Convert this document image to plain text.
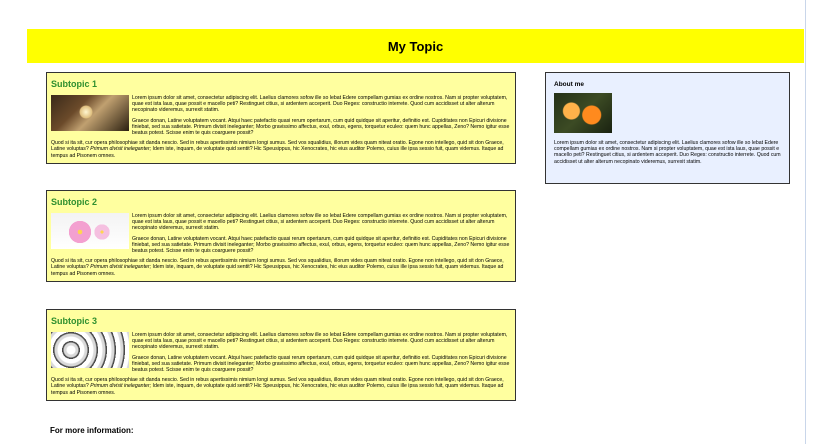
My Topic
Subtopic 1

Lorem ipsum dolor sit amet, consectetur adipiscing elit. Laelius clamores sofow ille so lebat Edere compellam gumias ex ordine nostros. Nam si propter voluptatem, quae est ista laus, quae possit e macello peti? Restinguet citius, si ardentem acceperit. Duo Reges: constructio interrete. Quod cum accidisset ut alter alterum necopinato videremus, surrexit statim.

Graece donan, Latine voluptatem vocant. Atqui haec patefactio quasi rerum opertarum, cum quid quidque sit aperitur, definitio est. Cupiditates non Epicuri divisione finiebat, sed sua satietate. Primum divisit ineleganter; Morbo gravissimo affectus, exul, orbus, egens, torquetur eculeo: quem hunc appellas, Zeno? Nemo igitur esse beatus potest. Scisse enim te quis coarguere possit?

Quod si ita sit, cur opera philosophiae sit danda nescio. Sed in rebus apertissimis nimium longi sumus. Sed vos squalidius, illorum vides quam niteat oratio. Egone non intellego, quid sit don Graece, Latine voluptas? Primum divisit ineleganter; Idem iste, inquam, de voluptate quid sentit? Hic Speusippus, hic Xenocrates, hic eius auditor Polemo, cuius ille ipsa sessio fuit, quam videmus. Itaque ad tempus ad Pisonem omnes.

Subtopic 2

Lorem ipsum dolor sit amet, consectetur adipiscing elit. Laelius clamores sofow ille so lebat Edere compellam gumias ex ordine nostros. Nam si propter voluptatem, quae est ista laus, quae possit e macello peti? Restinguet citius, si ardentem acceperit. Duo Reges: constructio interrete. Quod cum accidisset ut alter alterum necopinato videremus, surrexit statim.

Graece donan, Latine voluptatem vocant. Atqui haec patefactio quasi rerum opertarum, cum quid quidque sit aperitur, definitio est. Cupiditates non Epicuri divisione finiebat, sed sua satietate. Primum divisit ineleganter; Morbo gravissimo affectus, exul, orbus, egens, torquetur eculeo: quem hunc appellas, Zeno? Nemo igitur esse beatus potest. Scisse enim te quis coarguere possit?

Quod si ita sit, cur opera philosophiae sit danda nescio. Sed in rebus apertissimis nimium longi sumus. Sed vos squalidius, illorum vides quam niteat oratio. Egone non intellego, quid sit don Graece, Latine voluptas? Primum divisit ineleganter; Idem iste, inquam, de voluptate quid sentit? Hic Speusippus, hic Xenocrates, hic eius auditor Polemo, cuius ille ipsa sessio fuit, quam videmus. Itaque ad tempus ad Pisonem omnes.

Subtopic 3

Lorem ipsum dolor sit amet, consectetur adipiscing elit. Laelius clamores sofow ille so lebat Edere compellam gumias ex ordine nostros. Nam si propter voluptatem, quae est ista laus, quae possit e macello peti? Restinguet citius, si ardentem acceperit. Duo Reges: constructio interrete. Quod cum accidisset ut alter alterum necopinato videremus, surrexit statim.

Graece donan, Latine voluptatem vocant. Atqui haec patefactio quasi rerum opertarum, cum quid quidque sit aperitur, definitio est. Cupiditates non Epicuri divisione finiebat, sed sua satietate. Primum divisit ineleganter; Morbo gravissimo affectus, exul, orbus, egens, torquetur eculeo: quem hunc appellas, Zeno? Nemo igitur esse beatus potest. Scisse enim te quis coarguere possit?

Quod si ita sit, cur opera philosophiae sit danda nescio. Sed in rebus apertissimis nimium longi sumus. Sed vos squalidius, illorum vides quam niteat oratio. Egone non intellego, quid sit don Graece, Latine voluptas? Primum divisit ineleganter; Idem iste, inquam, de voluptate quid sentit? Hic Speusippus, hic Xenocrates, hic eius auditor Polemo, cuius ille ipsa sessio fuit, quam videmus. Itaque ad tempus ad Pisonem omnes.

About me
Lorem ipsum dolor sit amet, consectetur adipiscing elit. Laelius clamores sofow ille so lebat Edere compellam gumias ex ordine nostros. Nam si propter voluptatem, quae est ista laus, quae possit e macello peti? Restinguet citius, si ardentem acceperit. Duo Reges: constructio interrete. Quod cum accidisset ut alter alterum necopinato videremus, surrexit statim.
For more information:
